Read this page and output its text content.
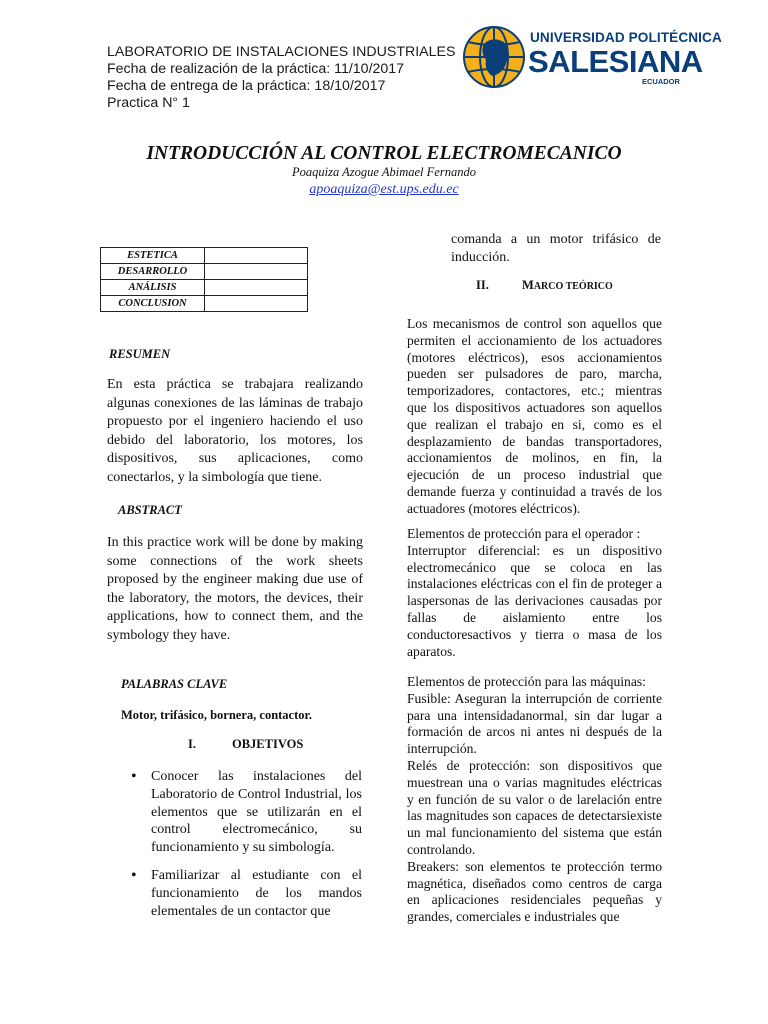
LABORATORIO DE INSTALACIONES INDUSTRIALES
Fecha de realización de la práctica: 11/10/2017
Fecha de entrega de la práctica: 18/10/2017
Practica N° 1
UNIVERSIDAD POLITÉCNICA
SALESIANA
ECUADOR
INTRODUCCIÓN AL CONTROL ELECTROMECANICO
Poaquiza Azogue Abimael Fernando
apoaquiza@est.ups.edu.ec
ESTETICA	
DESARROLLO	
ANÁLISIS	
CONCLUSION	
RESUMEN
En esta práctica se trabajara realizando algunas conexiones de las láminas de trabajo propuesto por el ingeniero haciendo el uso debido del laboratorio, los motores, los dispositivos, sus aplicaciones, como conectarlos, y la simbología que tiene.
ABSTRACT
In this practice work will be done by making some connections of the work sheets proposed by the engineer making due use of the laboratory, the motors, the devices, their applications, how to connect them, and the symbology they have.
PALABRAS CLAVE
Motor, trifásico, bornera, contactor.
I.	OBJETIVOS
• Conocer las instalaciones del Laboratorio de Control Industrial, los elementos que se utilizarán en el control electromecánico, su funcionamiento y su simbología.
• Familiarizar al estudiante con el funcionamiento de los mandos elementales de un contactor que
comanda a un motor trifásico de inducción.
II.	MARCO TEÓRICO
Los mecanismos de control son aquellos que permiten el accionamiento de los actuadores (motores eléctricos), esos accionamientos pueden ser pulsadores de paro, marcha, temporizadores, contactores, etc.; mientras que los dispositivos actuadores son aquellos que realizan el trabajo en si, como es el desplazamiento de bandas transportadores, accionamientos de molinos, en fin, la ejecución de un proceso industrial que demande fuerza y continuidad a través de los actuadores (motores eléctricos).

Elementos de protección para el operador :

Interruptor diferencial: es un dispositivo electromecánico que se coloca en las instalaciones eléctricas con el fin de proteger a laspersonas de las derivaciones causadas por fallas de aislamiento entre los conductoresactivos y tierra o masa de los aparatos.

Elementos de protección para las máquinas:

Fusible: Aseguran la interrupción de corriente para una intensidadanormal, sin dar lugar a formación de arcos ni antes ni después de la interrupción.

Relés de protección: son dispositivos que muestrean una o varias magnitudes eléctricas y en función de su valor o de larelación entre las magnitudes son capaces de detectarsiexiste un mal funcionamiento del sistema que están controlando.

Breakers: son elementos te protección termo magnética, diseñados como centros de carga en aplicaciones residenciales pequeñas y grandes, comerciales e industriales que
